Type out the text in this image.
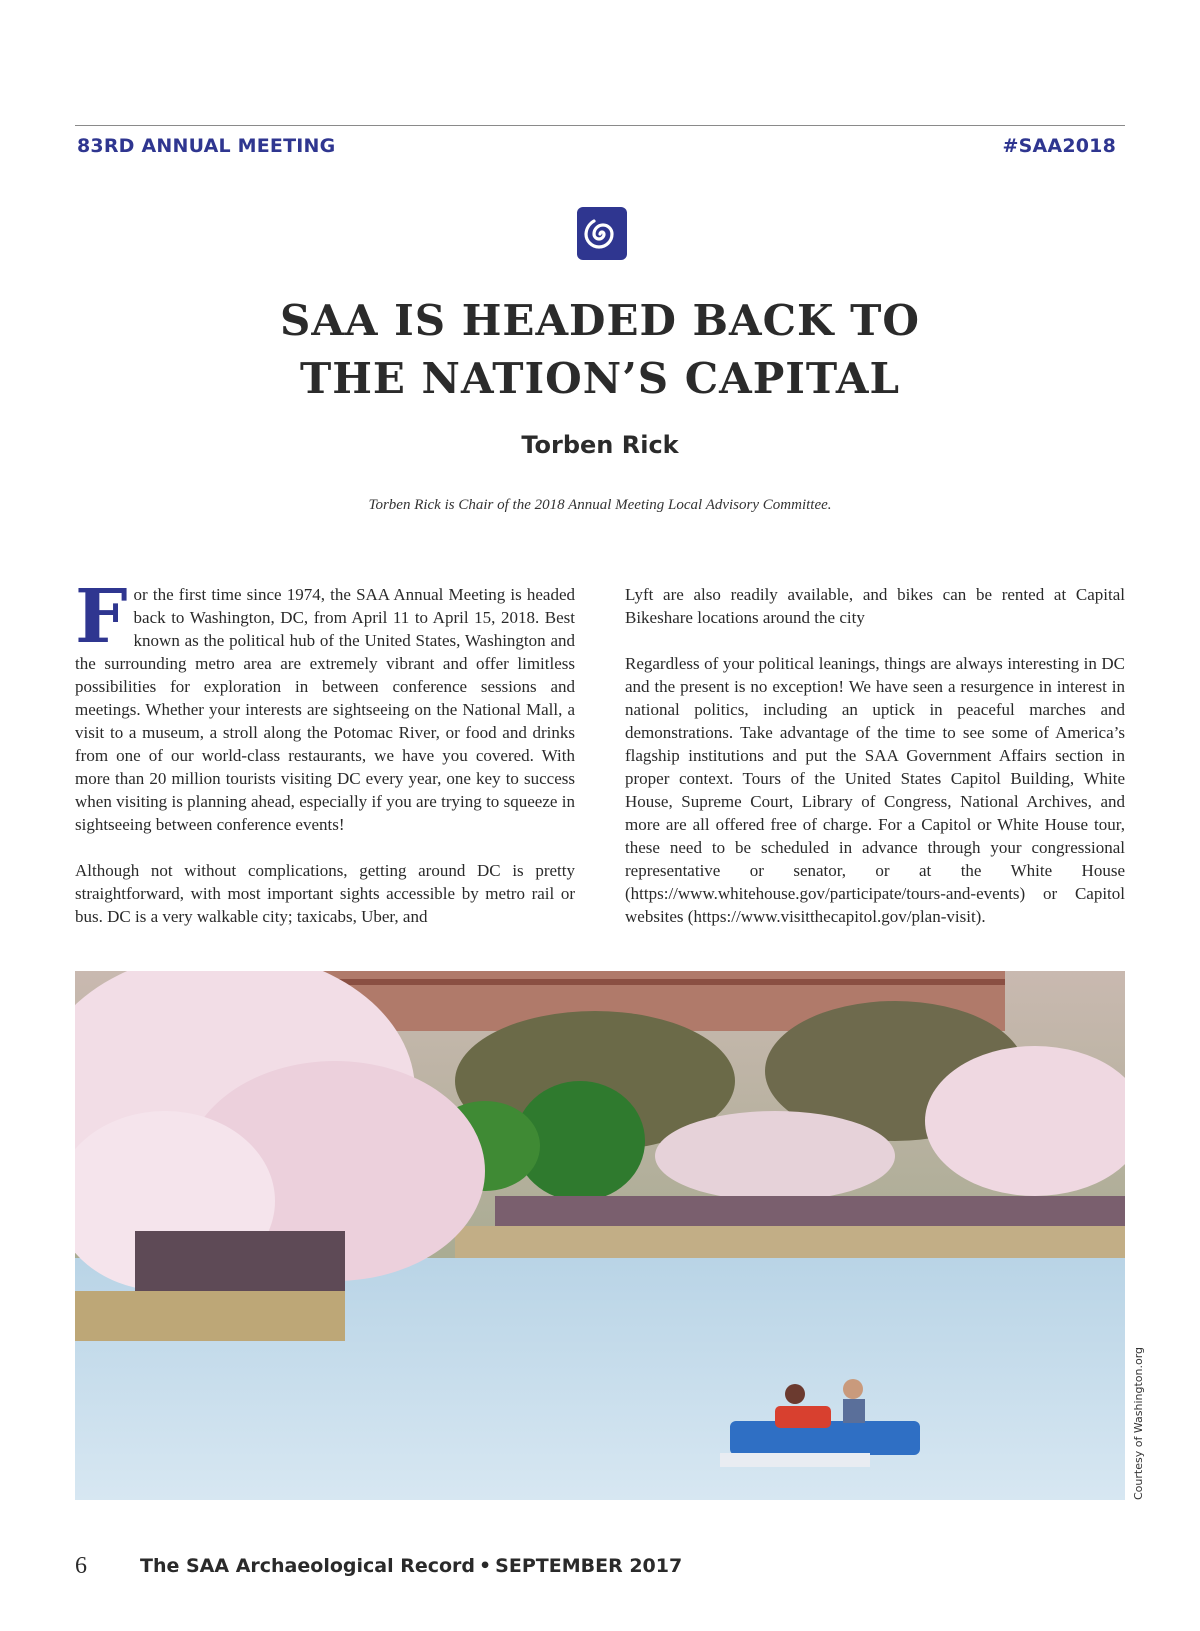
83RD ANNUAL MEETING	#SAA2018
SAA IS HEADED BACK TO
THE NATION’S CAPITAL
Torben Rick
Torben Rick is Chair of the 2018 Annual Meeting Local Advisory Committee.

For the first time since 1974, the SAA Annual Meeting is headed back to Washington, DC, from April 11 to April 15, 2018. Best known as the political hub of the United States, Washington and the surrounding metro area are extremely vibrant and offer limitless possibilities for exploration in between conference sessions and meetings. Whether your interests are sightseeing on the National Mall, a visit to a museum, a stroll along the Potomac River, or food and drinks from one of our world-class restaurants, we have you covered. With more than 20 million tourists visiting DC every year, one key to success when visiting is planning ahead, especially if you are trying to squeeze in sightseeing between conference events!

Although not without complications, getting around DC is pretty straightforward, with most important sights accessible by metro rail or bus. DC is a very walkable city; taxicabs, Uber, and

Lyft are also readily available, and bikes can be rented at Capital Bikeshare locations around the city

Regardless of your political leanings, things are always interesting in DC and the present is no exception! We have seen a resurgence in interest in national politics, including an uptick in peaceful marches and demonstrations. Take advantage of the time to see some of America’s flagship institutions and put the SAA Government Affairs section in proper context. Tours of the United States Capitol Building, White House, Supreme Court, Library of Congress, National Archives, and more are all offered free of charge. For a Capitol or White House tour, these need to be scheduled in advance through your congressional representative or senator, or at the White House (https://www.whitehouse.gov/participate/tours-and-events) or Capitol websites (https://www.visitthecapitol.gov/plan-visit).

Courtesy of Washington.org
6	The SAA Archaeological Record • SEPTEMBER 2017
